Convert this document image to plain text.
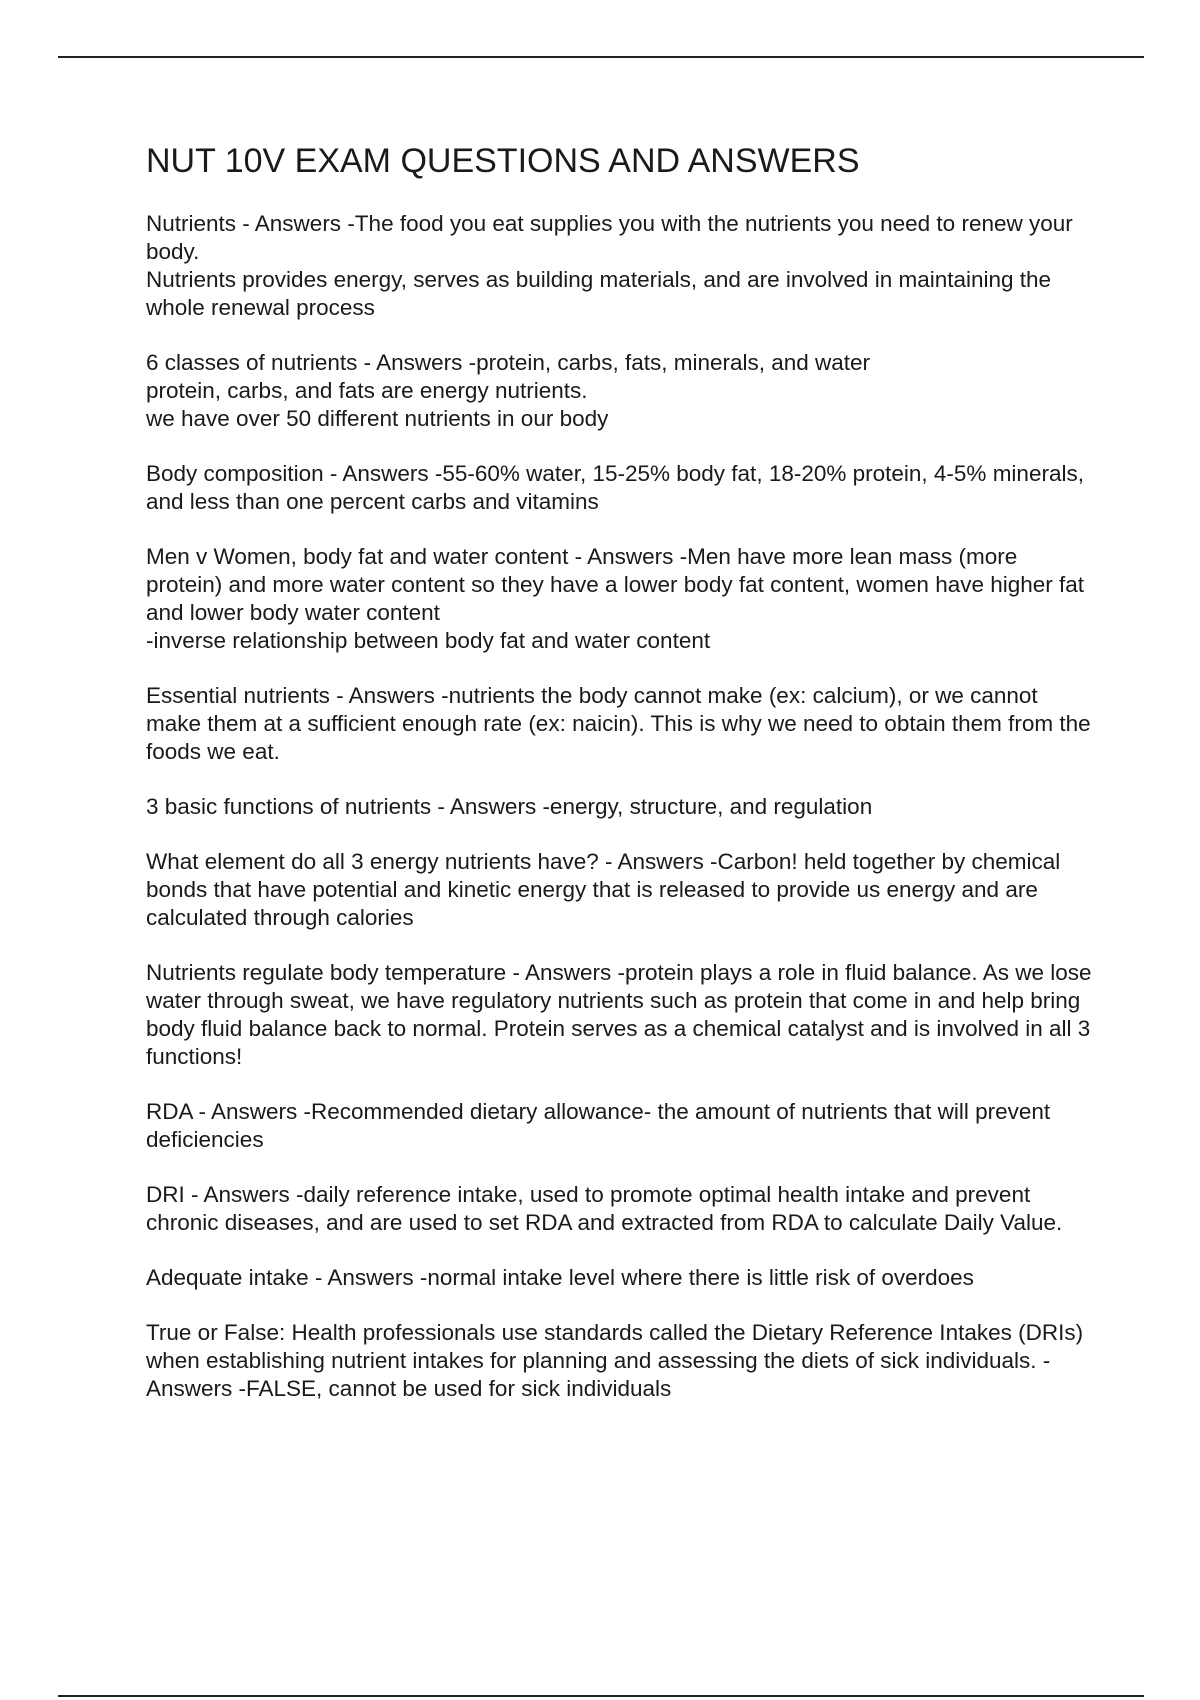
NUT 10V EXAM QUESTIONS AND ANSWERS

Nutrients - Answers -The food you eat supplies you with the nutrients you need to renew your body.

Nutrients provides energy, serves as building materials, and are involved in maintaining the whole renewal process

6 classes of nutrients - Answers -protein, carbs, fats, minerals, and water

protein, carbs, and fats are energy nutrients.

we have over 50 different nutrients in our body

Body composition - Answers -55-60% water, 15-25% body fat, 18-20% protein, 4-5% minerals, and less than one percent carbs and vitamins

Men v Women, body fat and water content - Answers -Men have more lean mass (more protein) and more water content so they have a lower body fat content, women have higher fat and lower body water content

-inverse relationship between body fat and water content

Essential nutrients - Answers -nutrients the body cannot make (ex: calcium), or we cannot make them at a sufficient enough rate (ex: naicin). This is why we need to obtain them from the foods we eat.

3 basic functions of nutrients - Answers -energy, structure, and regulation

What element do all 3 energy nutrients have? - Answers -Carbon! held together by chemical bonds that have potential and kinetic energy that is released to provide us energy and are calculated through calories

Nutrients regulate body temperature - Answers -protein plays a role in fluid balance. As we lose water through sweat, we have regulatory nutrients such as protein that come in and help bring body fluid balance back to normal. Protein serves as a chemical catalyst and is involved in all 3 functions!

RDA - Answers -Recommended dietary allowance- the amount of nutrients that will prevent deficiencies

DRI - Answers -daily reference intake, used to promote optimal health intake and prevent chronic diseases, and are used to set RDA and extracted from RDA to calculate Daily Value.

Adequate intake - Answers -normal intake level where there is little risk of overdoes

True or False: Health professionals use standards called the Dietary Reference Intakes (DRIs) when establishing nutrient intakes for planning and assessing the diets of sick individuals. - Answers -FALSE, cannot be used for sick individuals
